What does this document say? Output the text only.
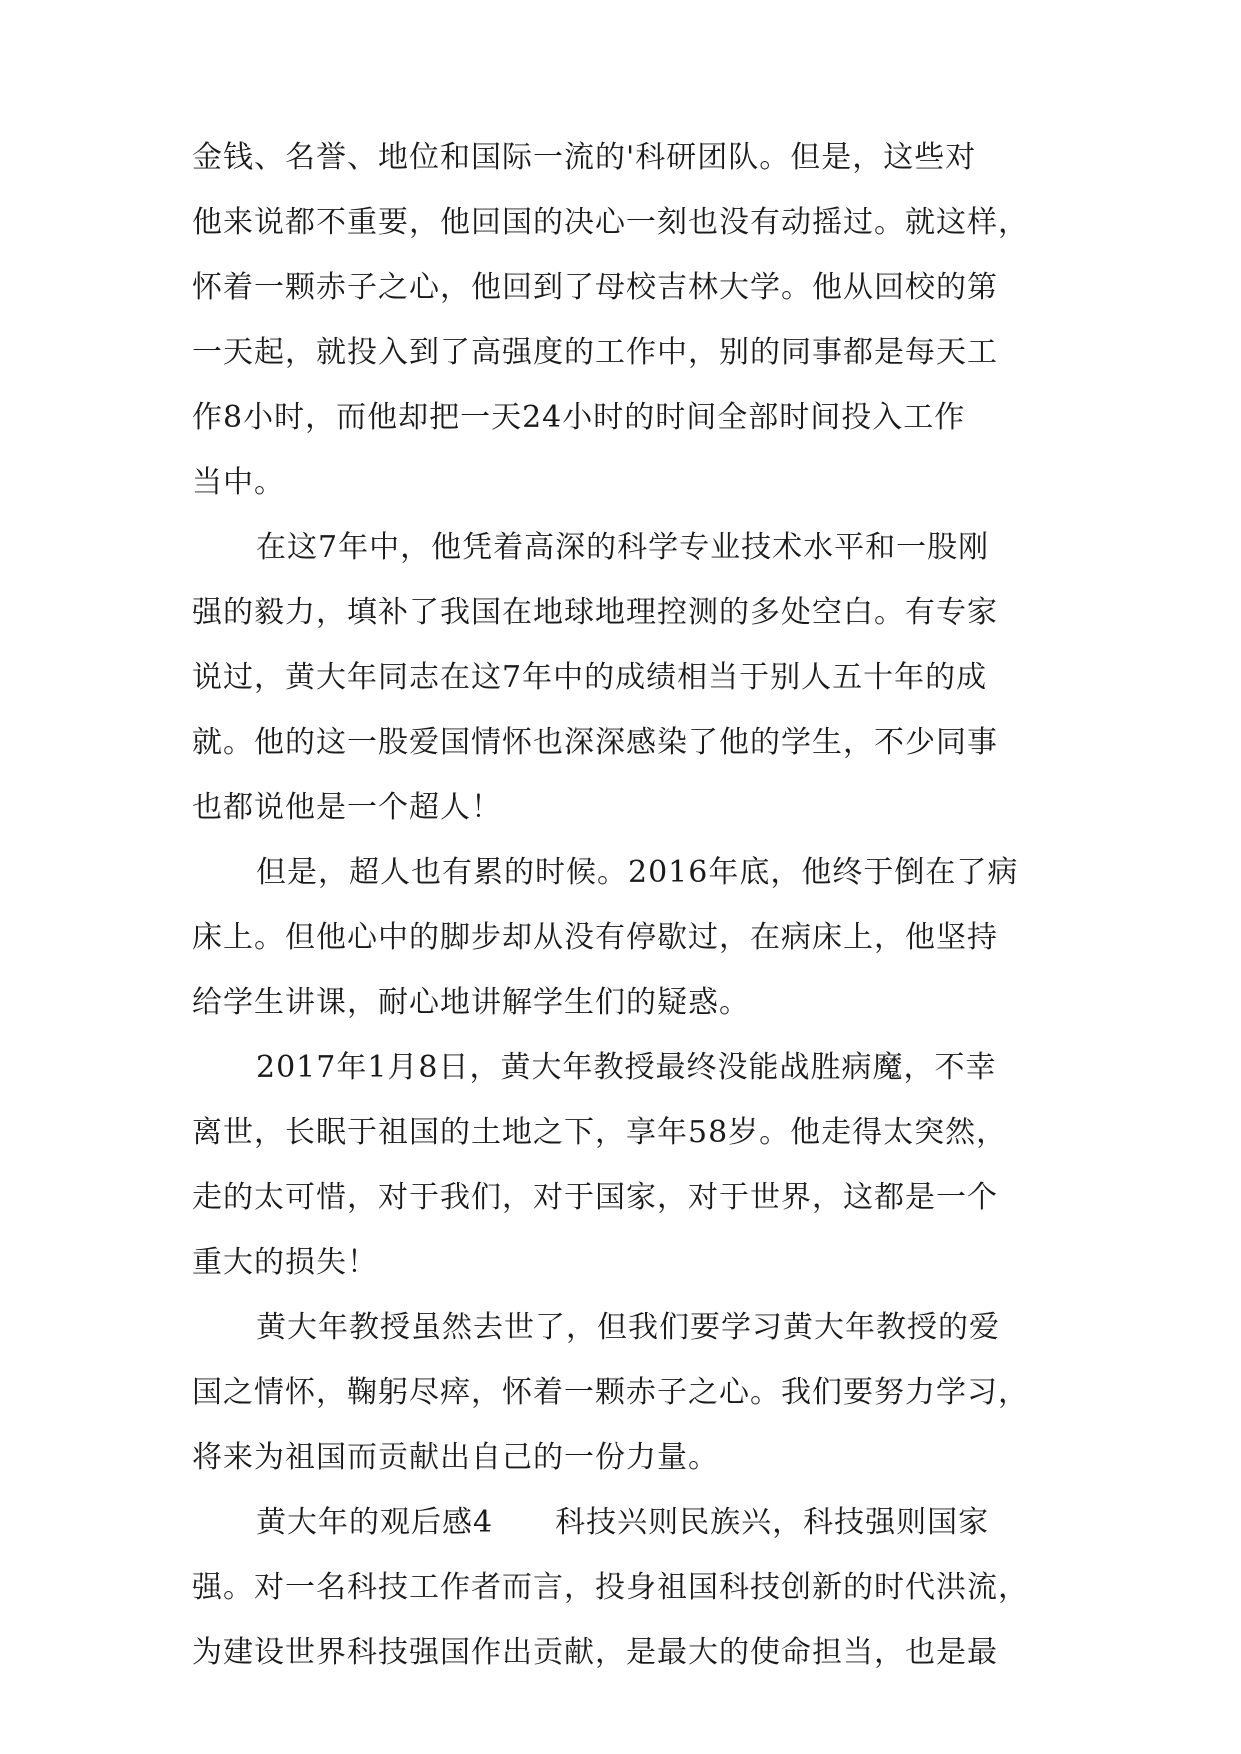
金钱、名誉、地位和国际一流的'科研团队。但是，这些对

他来说都不重要，他回国的决心一刻也没有动摇过。就这样，

怀着一颗赤子之心，他回到了母校吉林大学。他从回校的第

一天起，就投入到了高强度的工作中，别的同事都是每天工

作8小时，而他却把一天24小时的时间全部时间投入工作

当中。

在这7年中，他凭着高深的科学专业技术水平和一股刚

强的毅力，填补了我国在地球地理控测的多处空白。有专家

说过，黄大年同志在这7年中的成绩相当于别人五十年的成

就。他的这一股爱国情怀也深深感染了他的学生，不少同事

也都说他是一个超人！

但是，超人也有累的时候。2016年底，他终于倒在了病

床上。但他心中的脚步却从没有停歇过，在病床上，他坚持

给学生讲课，耐心地讲解学生们的疑惑。

2017年1月8日，黄大年教授最终没能战胜病魔，不幸

离世，长眠于祖国的土地之下，享年58岁。他走得太突然，

走的太可惜，对于我们，对于国家，对于世界，这都是一个

重大的损失！

黄大年教授虽然去世了，但我们要学习黄大年教授的爱

国之情怀，鞠躬尽瘁，怀着一颗赤子之心。我们要努力学习，

将来为祖国而贡献出自己的一份力量。

黄大年的观后感4　　科技兴则民族兴，科技强则国家

强。对一名科技工作者而言，投身祖国科技创新的时代洪流，

为建设世界科技强国作出贡献，是最大的使命担当，也是最
